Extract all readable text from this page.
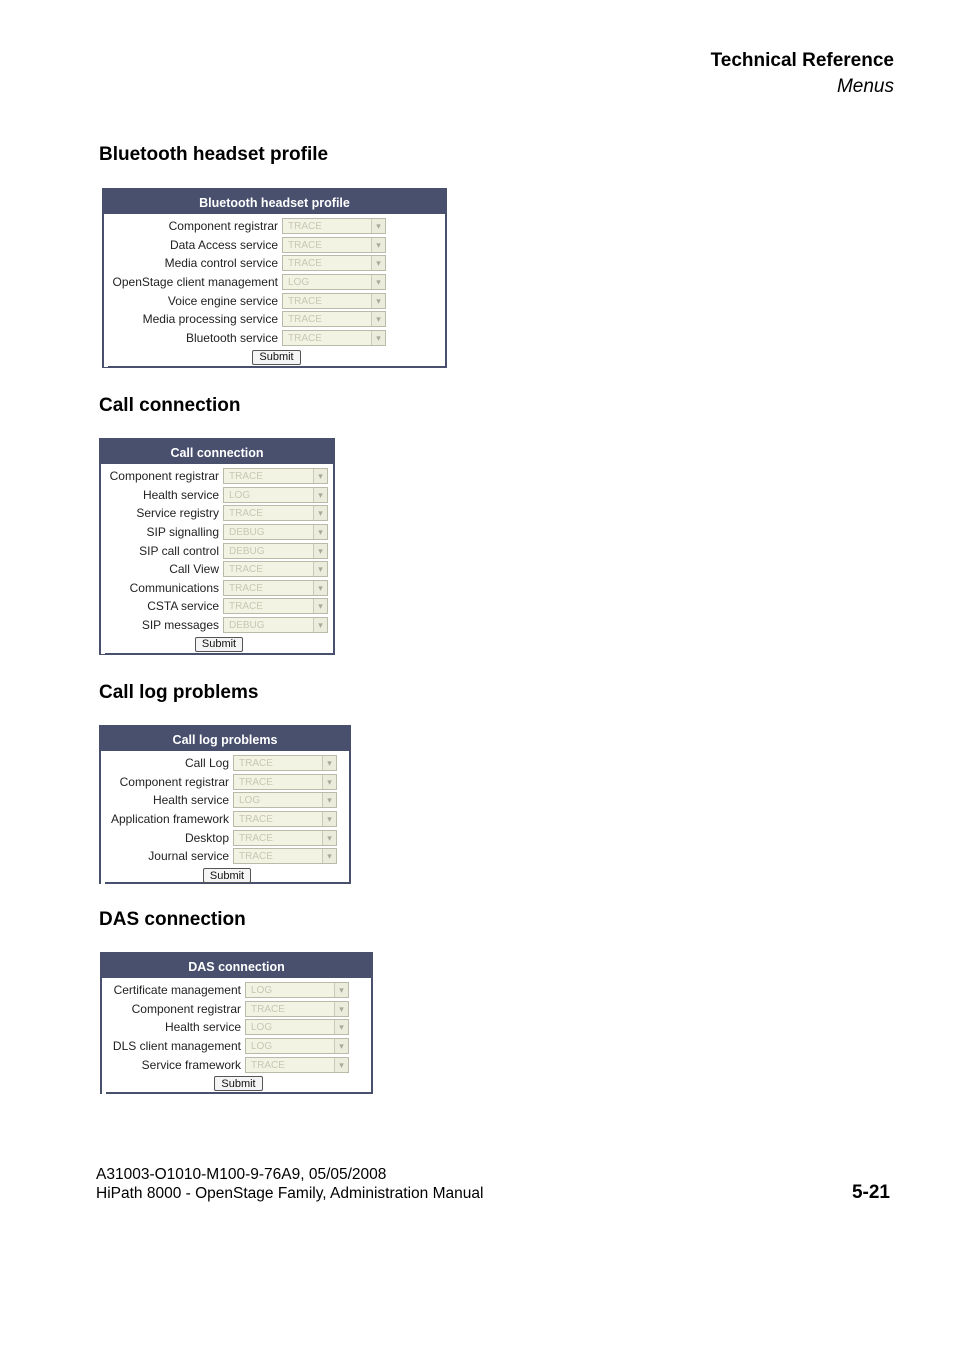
Technical Reference
Menus
Bluetooth headset profile
Bluetooth headset profile
Component registrar	TRACE ▾

Data Access service	TRACE ▾

Media control service	TRACE ▾

OpenStage client management	LOG ▾

Voice engine service	TRACE ▾

Media processing service	TRACE ▾

Bluetooth service	TRACE ▾
Submit
Call connection
Call connection
Component registrar	TRACE ▾

Health service	LOG ▾

Service registry	TRACE ▾

SIP signalling	DEBUG ▾

SIP call control	DEBUG ▾

Call View	TRACE ▾

Communications	TRACE ▾

CSTA service	TRACE ▾

SIP messages	DEBUG ▾
Submit
Call log problems
Call log problems
Call Log	TRACE ▾

Component registrar	TRACE ▾

Health service	LOG ▾

Application framework	TRACE ▾

Desktop	TRACE ▾

Journal service	TRACE ▾
Submit
DAS connection
DAS connection
Certificate management	LOG ▾

Component registrar	TRACE ▾

Health service	LOG ▾

DLS client management	LOG ▾

Service framework	TRACE ▾
Submit
A31003-O1010-M100-9-76A9, 05/05/2008
HiPath 8000 - OpenStage Family, Administration Manual	5-21
